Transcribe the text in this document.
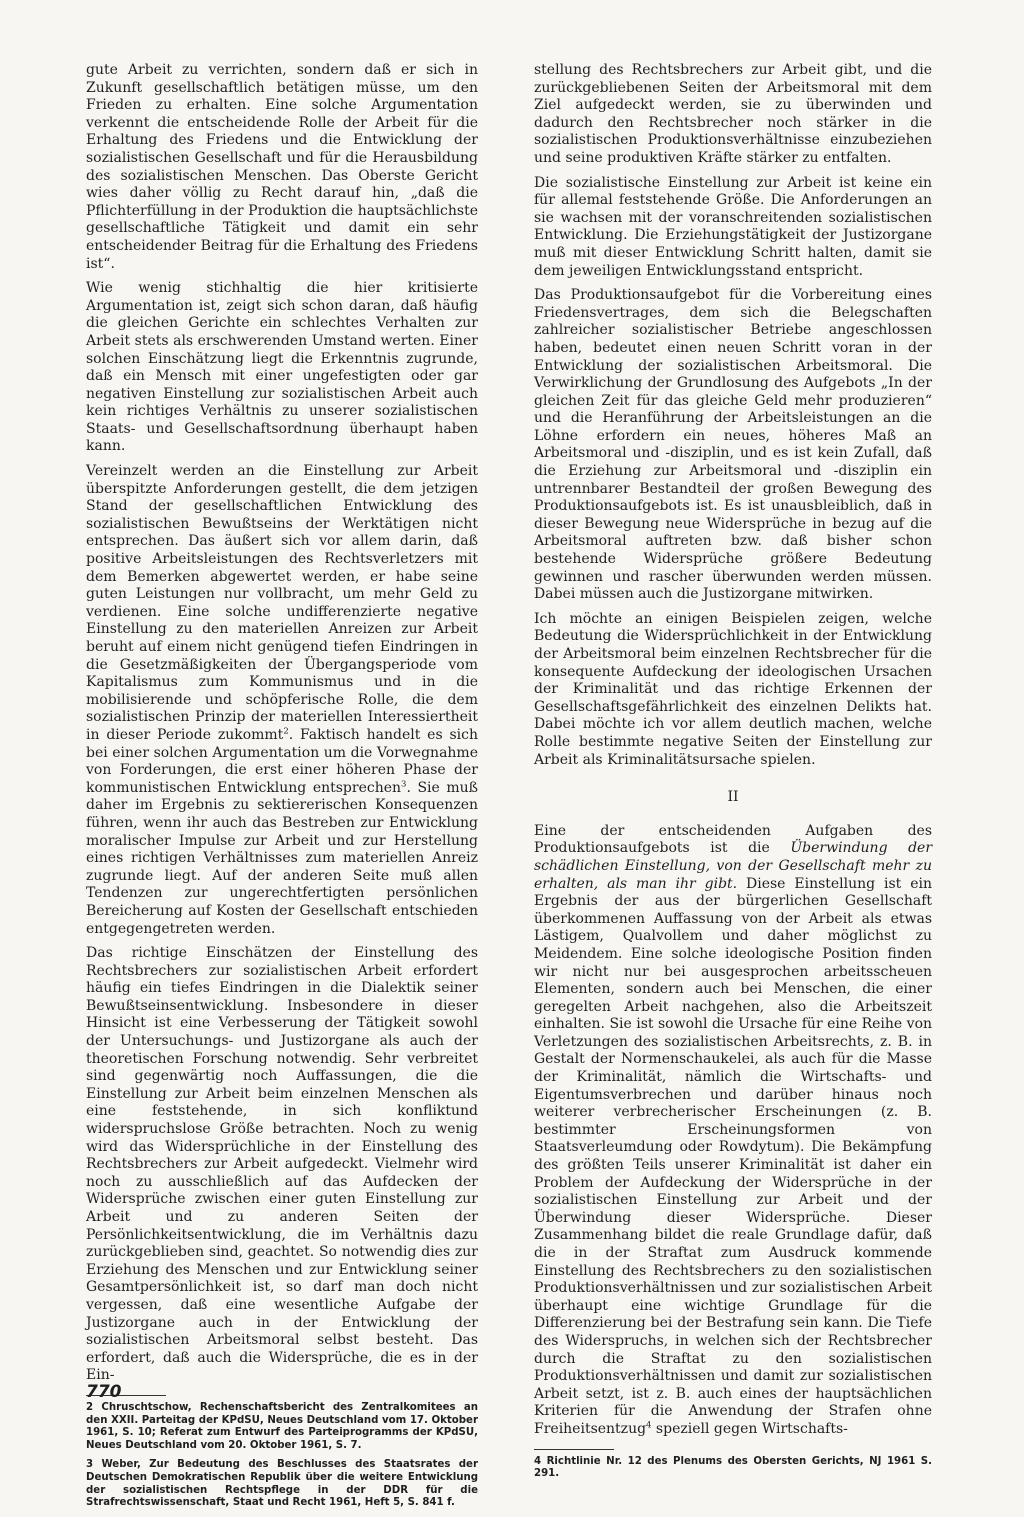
gute Arbeit zu verrichten, sondern daß er sich in Zukunft gesellschaftlich betätigen müsse, um den Frieden zu erhalten. Eine solche Argumentation verkennt die entscheidende Rolle der Arbeit für die Erhaltung des Friedens und die Entwicklung der sozialistischen Gesellschaft und für die Herausbildung des sozialistischen Menschen. Das Oberste Gericht wies daher völlig zu Recht darauf hin, „daß die Pflichterfüllung in der Produktion die hauptsächlichste gesellschaftliche Tätigkeit und damit ein sehr entscheidender Beitrag für die Erhaltung des Friedens ist“.

Wie wenig stichhaltig die hier kritisierte Argumentation ist, zeigt sich schon daran, daß häufig die gleichen Gerichte ein schlechtes Verhalten zur Arbeit stets als erschwerenden Umstand werten. Einer solchen Einschätzung liegt die Erkenntnis zugrunde, daß ein Mensch mit einer ungefestigten oder gar negativen Einstellung zur sozialistischen Arbeit auch kein richtiges Verhältnis zu unserer sozialistischen Staats- und Gesellschaftsordnung überhaupt haben kann.

Vereinzelt werden an die Einstellung zur Arbeit überspitzte Anforderungen gestellt, die dem jetzigen Stand der gesellschaftlichen Entwicklung des sozialistischen Bewußtseins der Werktätigen nicht entsprechen. Das äußert sich vor allem darin, daß positive Arbeitsleistungen des Rechtsverletzers mit dem Bemerken abgewertet werden, er habe seine guten Leistungen nur vollbracht, um mehr Geld zu verdienen. Eine solche undifferenzierte negative Einstellung zu den materiellen Anreizen zur Arbeit beruht auf einem nicht genügend tiefen Eindringen in die Gesetzmäßigkeiten der Übergangsperiode vom Kapitalismus zum Kommunismus und in die mobilisierende und schöpferische Rolle, die dem sozialistischen Prinzip der materiellen Interessiertheit in dieser Periode zukommt$^2$. Faktisch handelt es sich bei einer solchen Argumentation um die Vorwegnahme von Forderungen, die erst einer höheren Phase der kommunistischen Entwicklung entsprechen$^3$. Sie muß daher im Ergebnis zu sektiererischen Konsequenzen führen, wenn ihr auch das Bestreben zur Entwicklung moralischer Impulse zur Arbeit und zur Herstellung eines richtigen Verhältnisses zum materiellen Anreiz zugrunde liegt. Auf der anderen Seite muß allen Tendenzen zur ungerechtfertigten persönlichen Bereicherung auf Kosten der Gesellschaft entschieden entgegengetreten werden.

Das richtige Einschätzen der Einstellung des Rechtsbrechers zur sozialistischen Arbeit erfordert häufig ein tiefes Eindringen in die Dialektik seiner Bewußtseinsentwicklung. Insbesondere in dieser Hinsicht ist eine Verbesserung der Tätigkeit sowohl der Untersuchungs- und Justizorgane als auch der theoretischen Forschung notwendig. Sehr verbreitet sind gegenwärtig noch Auffassungen, die die Einstellung zur Arbeit beim einzelnen Menschen als eine feststehende, in sich konfliktund widerspruchslose Größe betrachten. Noch zu wenig wird das Widersprüchliche in der Einstellung des Rechtsbrechers zur Arbeit aufgedeckt. Vielmehr wird noch zu ausschließlich auf das Aufdecken der Widersprüche zwischen einer guten Einstellung zur Arbeit und zu anderen Seiten der Persönlichkeitsentwicklung, die im Verhältnis dazu zurückgeblieben sind, geachtet. So notwendig dies zur Erziehung des Menschen und zur Entwicklung seiner Gesamtpersönlichkeit ist, so darf man doch nicht vergessen, daß eine wesentliche Aufgabe der Justizorgane auch in der Entwicklung der sozialistischen Arbeitsmoral selbst besteht. Das erfordert, daß auch die Widersprüche, die es in der Ein-

2 Chruschtschow, Rechenschaftsbericht des Zentralkomitees an den XXII. Parteitag der KPdSU, Neues Deutschland vom 17. Oktober 1961, S. 10; Referat zum Entwurf des Parteiprogramms der KPdSU, Neues Deutschland vom 20. Oktober 1961, S. 7.

3 Weber, Zur Bedeutung des Beschlusses des Staatsrates der Deutschen Demokratischen Republik über die weitere Entwicklung der sozialistischen Rechtspflege in der DDR für die Strafrechtswissenschaft, Staat und Recht 1961, Heft 5, S. 841 f.

stellung des Rechtsbrechers zur Arbeit gibt, und die zurückgebliebenen Seiten der Arbeitsmoral mit dem Ziel aufgedeckt werden, sie zu überwinden und dadurch den Rechtsbrecher noch stärker in die sozialistischen Produktionsverhältnisse einzubeziehen und seine produktiven Kräfte stärker zu entfalten.

Die sozialistische Einstellung zur Arbeit ist keine ein für allemal feststehende Größe. Die Anforderungen an sie wachsen mit der voranschreitenden sozialistischen Entwicklung. Die Erziehungstätigkeit der Justizorgane muß mit dieser Entwicklung Schritt halten, damit sie dem jeweiligen Entwicklungsstand entspricht.

Das Produktionsaufgebot für die Vorbereitung eines Friedensvertrages, dem sich die Belegschaften zahlreicher sozialistischer Betriebe angeschlossen haben, bedeutet einen neuen Schritt voran in der Entwicklung der sozialistischen Arbeitsmoral. Die Verwirklichung der Grundlosung des Aufgebots „In der gleichen Zeit für das gleiche Geld mehr produzieren“ und die Heranführung der Arbeitsleistungen an die Löhne erfordern ein neues, höheres Maß an Arbeitsmoral und -disziplin, und es ist kein Zufall, daß die Erziehung zur Arbeitsmoral und -disziplin ein untrennbarer Bestandteil der großen Bewegung des Produktionsaufgebots ist. Es ist unausbleiblich, daß in dieser Bewegung neue Widersprüche in bezug auf die Arbeitsmoral auftreten bzw. daß bisher schon bestehende Widersprüche größere Bedeutung gewinnen und rascher überwunden werden müssen. Dabei müssen auch die Justizorgane mitwirken.

Ich möchte an einigen Beispielen zeigen, welche Bedeutung die Widersprüchlichkeit in der Entwicklung der Arbeitsmoral beim einzelnen Rechtsbrecher für die konsequente Aufdeckung der ideologischen Ursachen der Kriminalität und das richtige Erkennen der Gesellschaftsgefährlichkeit des einzelnen Delikts hat. Dabei möchte ich vor allem deutlich machen, welche Rolle bestimmte negative Seiten der Einstellung zur Arbeit als Kriminalitätsursache spielen.

II

Eine der entscheidenden Aufgaben des Produktionsaufgebots ist die Überwindung der schädlichen Einstellung, von der Gesellschaft mehr zu erhalten, als man ihr gibt. Diese Einstellung ist ein Ergebnis der aus der bürgerlichen Gesellschaft überkommenen Auffassung von der Arbeit als etwas Lästigem, Qualvollem und daher möglichst zu Meidendem. Eine solche ideologische Position finden wir nicht nur bei ausgesprochen arbeitsscheuen Elementen, sondern auch bei Menschen, die einer geregelten Arbeit nachgehen, also die Arbeitszeit einhalten. Sie ist sowohl die Ursache für eine Reihe von Verletzungen des sozialistischen Arbeitsrechts, z. B. in Gestalt der Normenschaukelei, als auch für die Masse der Kriminalität, nämlich die Wirtschafts- und Eigentumsverbrechen und darüber hinaus noch weiterer verbrecherischer Erscheinungen (z. B. bestimmter Erscheinungsformen von Staatsverleumdung oder Rowdytum). Die Bekämpfung des größten Teils unserer Kriminalität ist daher ein Problem der Aufdeckung der Widersprüche in der sozialistischen Einstellung zur Arbeit und der Überwindung dieser Widersprüche. Dieser Zusammenhang bildet die reale Grundlage dafür, daß die in der Straftat zum Ausdruck kommende Einstellung des Rechtsbrechers zu den sozialistischen Produktionsverhältnissen und zur sozialistischen Arbeit überhaupt eine wichtige Grundlage für die Differenzierung bei der Bestrafung sein kann. Die Tiefe des Widerspruchs, in welchen sich der Rechtsbrecher durch die Straftat zu den sozialistischen Produktionsverhältnissen und damit zur sozialistischen Arbeit setzt, ist z. B. auch eines der hauptsächlichen Kriterien für die Anwendung der Strafen ohne Freiheitsentzug$^4$ speziell gegen Wirtschafts-

4 Richtlinie Nr. 12 des Plenums des Obersten Gerichts, NJ 1961 S. 291.

770
